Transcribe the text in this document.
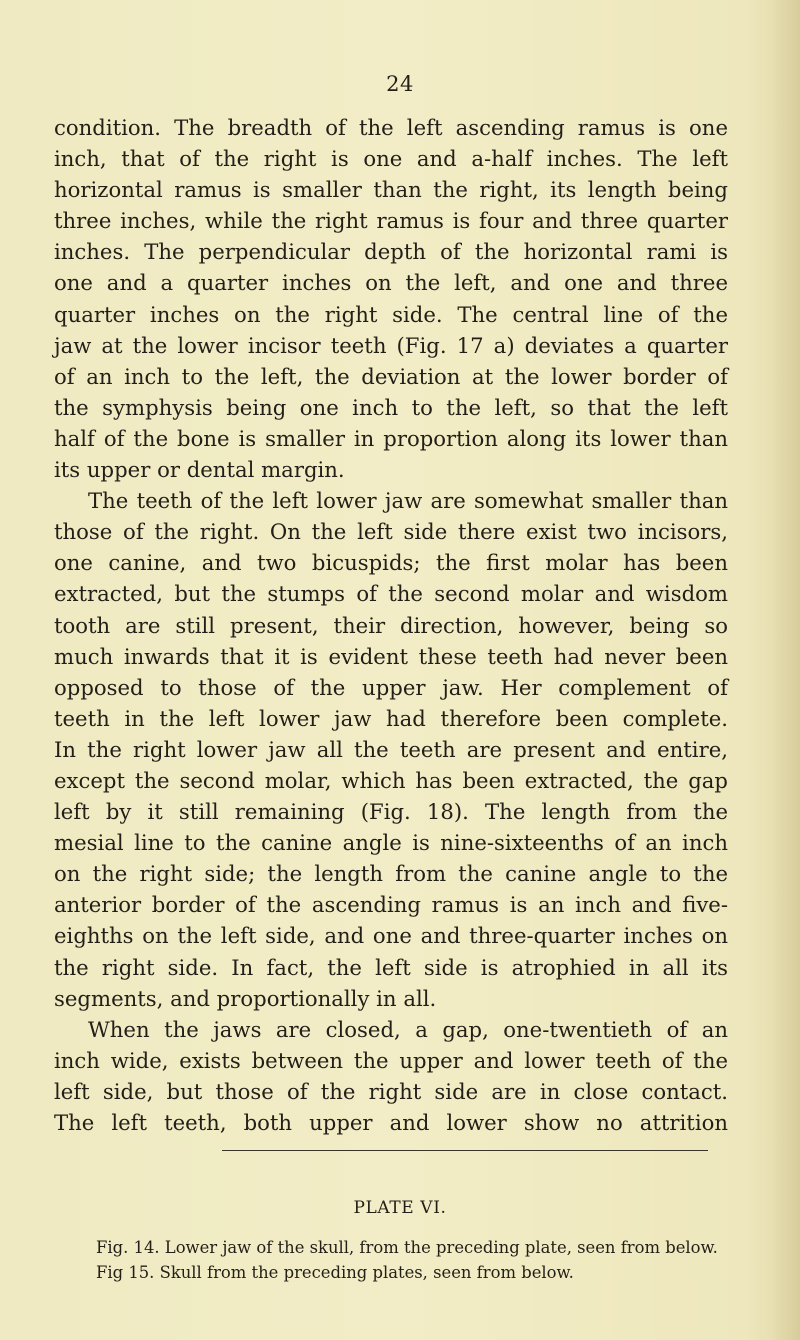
24

condition. The breadth of the left ascending ramus is one

inch, that of the right is one and a-half inches. The left

horizontal ramus is smaller than the right, its length being

three inches, while the right ramus is four and three quarter

inches. The perpendicular depth of the horizontal rami is

one and a quarter inches on the left, and one and three

quarter inches on the right side. The central line of the

jaw at the lower incisor teeth (Fig. 17 a) deviates a quarter

of an inch to the left, the deviation at the lower border of

the symphysis being one inch to the left, so that the left

half of the bone is smaller in proportion along its lower than

its upper or dental margin.

The teeth of the left lower jaw are somewhat smaller than

those of the right. On the left side there exist two incisors,

one canine, and two bicuspids; the first molar has been

extracted, but the stumps of the second molar and wisdom

tooth are still present, their direction, however, being so

much inwards that it is evident these teeth had never been

opposed to those of the upper jaw. Her complement of

teeth in the left lower jaw had therefore been complete.

In the right lower jaw all the teeth are present and entire,

except the second molar, which has been extracted, the gap

left by it still remaining (Fig. 18). The length from the

mesial line to the canine angle is nine-sixteenths of an inch

on the right side; the length from the canine angle to the

anterior border of the ascending ramus is an inch and five-

eighths on the left side, and one and three-quarter inches on

the right side. In fact, the left side is atrophied in all its

segments, and proportionally in all.

When the jaws are closed, a gap, one-twentieth of an

inch wide, exists between the upper and lower teeth of the

left side, but those of the right side are in close contact.

The left teeth, both upper and lower show no attrition

PLATE VI.

Fig. 14. Lower jaw of the skull, from the preceding plate, seen from below.

Fig 15. Skull from the preceding plates, seen from below.
